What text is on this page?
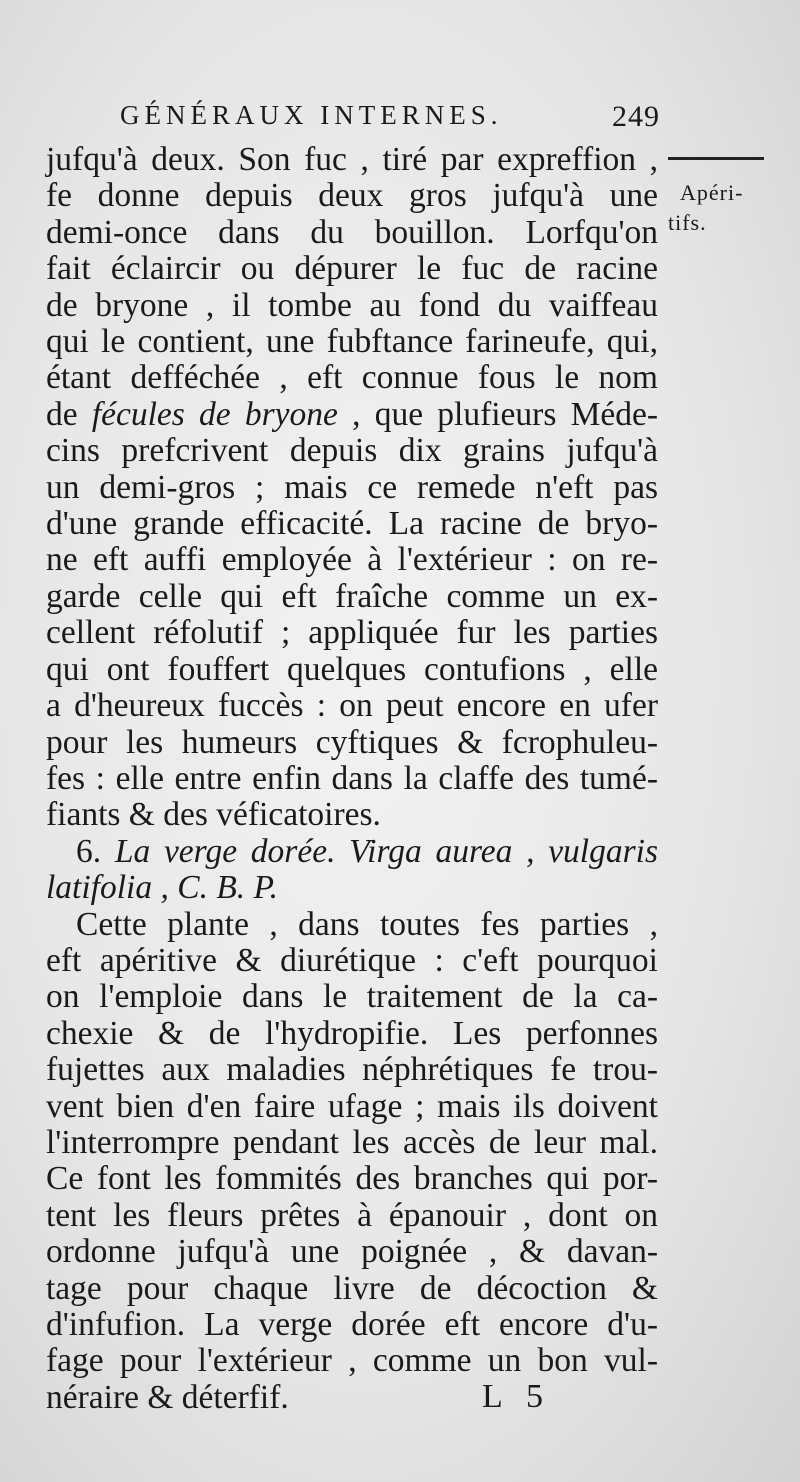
GÉNÉRAUX INTERNES.	249
Apéri-
tifs.
jufqu'à deux. Son fuc , tiré par expreffion ,
fe donne depuis deux gros jufqu'à une
demi-once dans du bouillon. Lorfqu'on
fait éclaircir ou dépurer le fuc de racine
de bryone , il tombe au fond du vaiffeau
qui le contient, une fubftance farineufe, qui,
étant defféchée , eft connue fous le nom
de fécules de bryone , que plufieurs Méde-
cins prefcrivent depuis dix grains jufqu'à
un demi-gros ; mais ce remede n'eft pas
d'une grande efficacité. La racine de bryo-
ne eft auffi employée à l'extérieur : on re-
garde celle qui eft fraîche comme un ex-
cellent réfolutif ; appliquée fur les parties
qui ont fouffert quelques contufions , elle
a d'heureux fuccès : on peut encore en ufer
pour les humeurs cyftiques & fcrophuleu-
fes : elle entre enfin dans la claffe des tumé-
fiants & des véficatoires.
6. La verge dorée. Virga aurea , vulgaris
latifolia , C. B. P.
Cette plante , dans toutes fes parties ,
eft apéritive & diurétique : c'eft pourquoi
on l'emploie dans le traitement de la ca-
chexie & de l'hydropifie. Les perfonnes
fujettes aux maladies néphrétiques fe trou-
vent bien d'en faire ufage ; mais ils doivent
l'interrompre pendant les accès de leur mal.
Ce font les fommités des branches qui por-
tent les fleurs prêtes à épanouir , dont on
ordonne jufqu'à une poignée , & davan-
tage pour chaque livre de décoction &
d'infufion. La verge dorée eft encore d'u-
fage pour l'extérieur , comme un bon vul-
néraire & déterfif.	L 5
